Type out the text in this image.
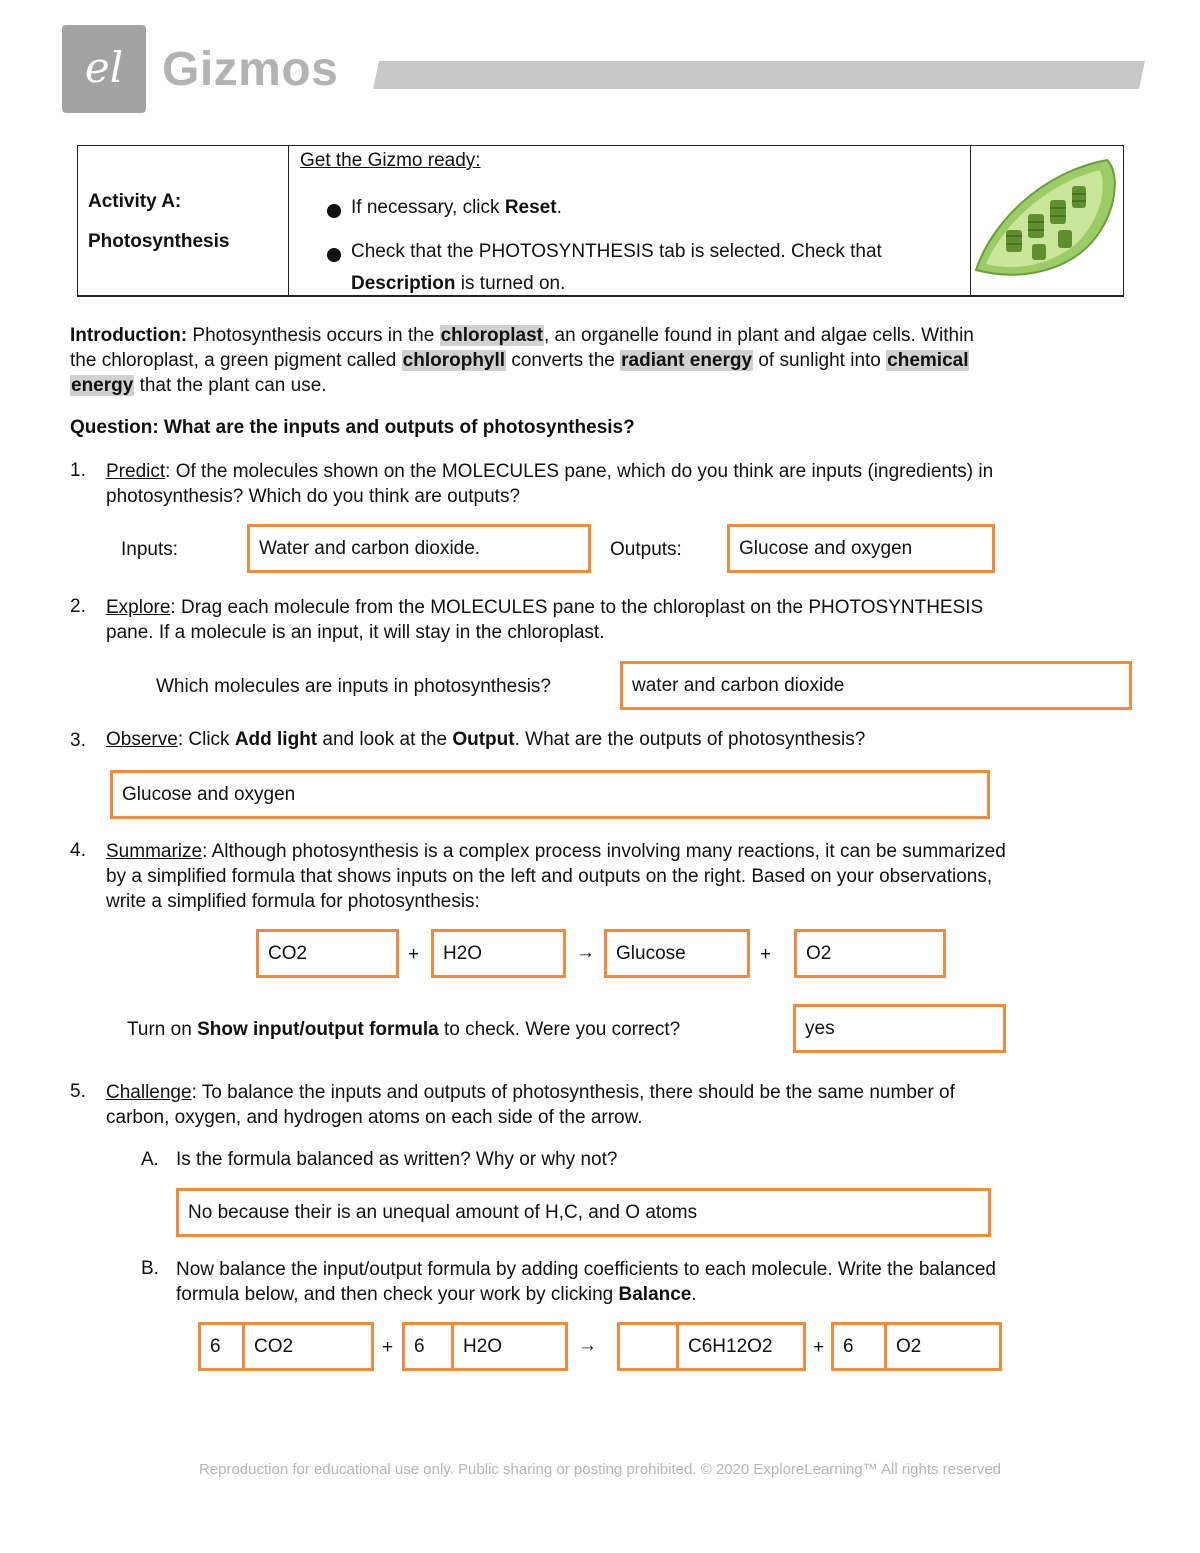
el Gizmos
Activity A:
Photosynthesis
Get the Gizmo ready:
If necessary, click Reset.
Check that the PHOTOSYNTHESIS tab is selected. Check that
Description is turned on.
Introduction: Photosynthesis occurs in the chloroplast, an organelle found in plant and algae cells. Within
the chloroplast, a green pigment called chlorophyll converts the radiant energy of sunlight into chemical
energy that the plant can use.
Question: What are the inputs and outputs of photosynthesis?
1. Predict: Of the molecules shown on the MOLECULES pane, which do you think are inputs (ingredients) in
photosynthesis? Which do you think are outputs?
Inputs:	Water and carbon dioxide.	Outputs:	Glucose and oxygen
2. Explore: Drag each molecule from the MOLECULES pane to the chloroplast on the PHOTOSYNTHESIS
pane. If a molecule is an input, it will stay in the chloroplast.
Which molecules are inputs in photosynthesis?	water and carbon dioxide
3. Observe: Click Add light and look at the Output. What are the outputs of photosynthesis?
Glucose and oxygen
4. Summarize: Although photosynthesis is a complex process involving many reactions, it can be summarized
by a simplified formula that shows inputs on the left and outputs on the right. Based on your observations,
write a simplified formula for photosynthesis:
CO2	+	H2O	→	Glucose	+	O2
Turn on Show input/output formula to check. Were you correct?	yes
5. Challenge: To balance the inputs and outputs of photosynthesis, there should be the same number of
carbon, oxygen, and hydrogen atoms on each side of the arrow.
A. Is the formula balanced as written? Why or why not?
No because their is an unequal amount of H,C, and O atoms
B. Now balance the input/output formula by adding coefficients to each molecule. Write the balanced
formula below, and then check your work by clicking Balance.
6	CO2	+	6	H2O	→	C6H12O2	+ 6	O2
Reproduction for educational use only. Public sharing or posting prohibited. © 2020 ExploreLearning™ All rights reserved
